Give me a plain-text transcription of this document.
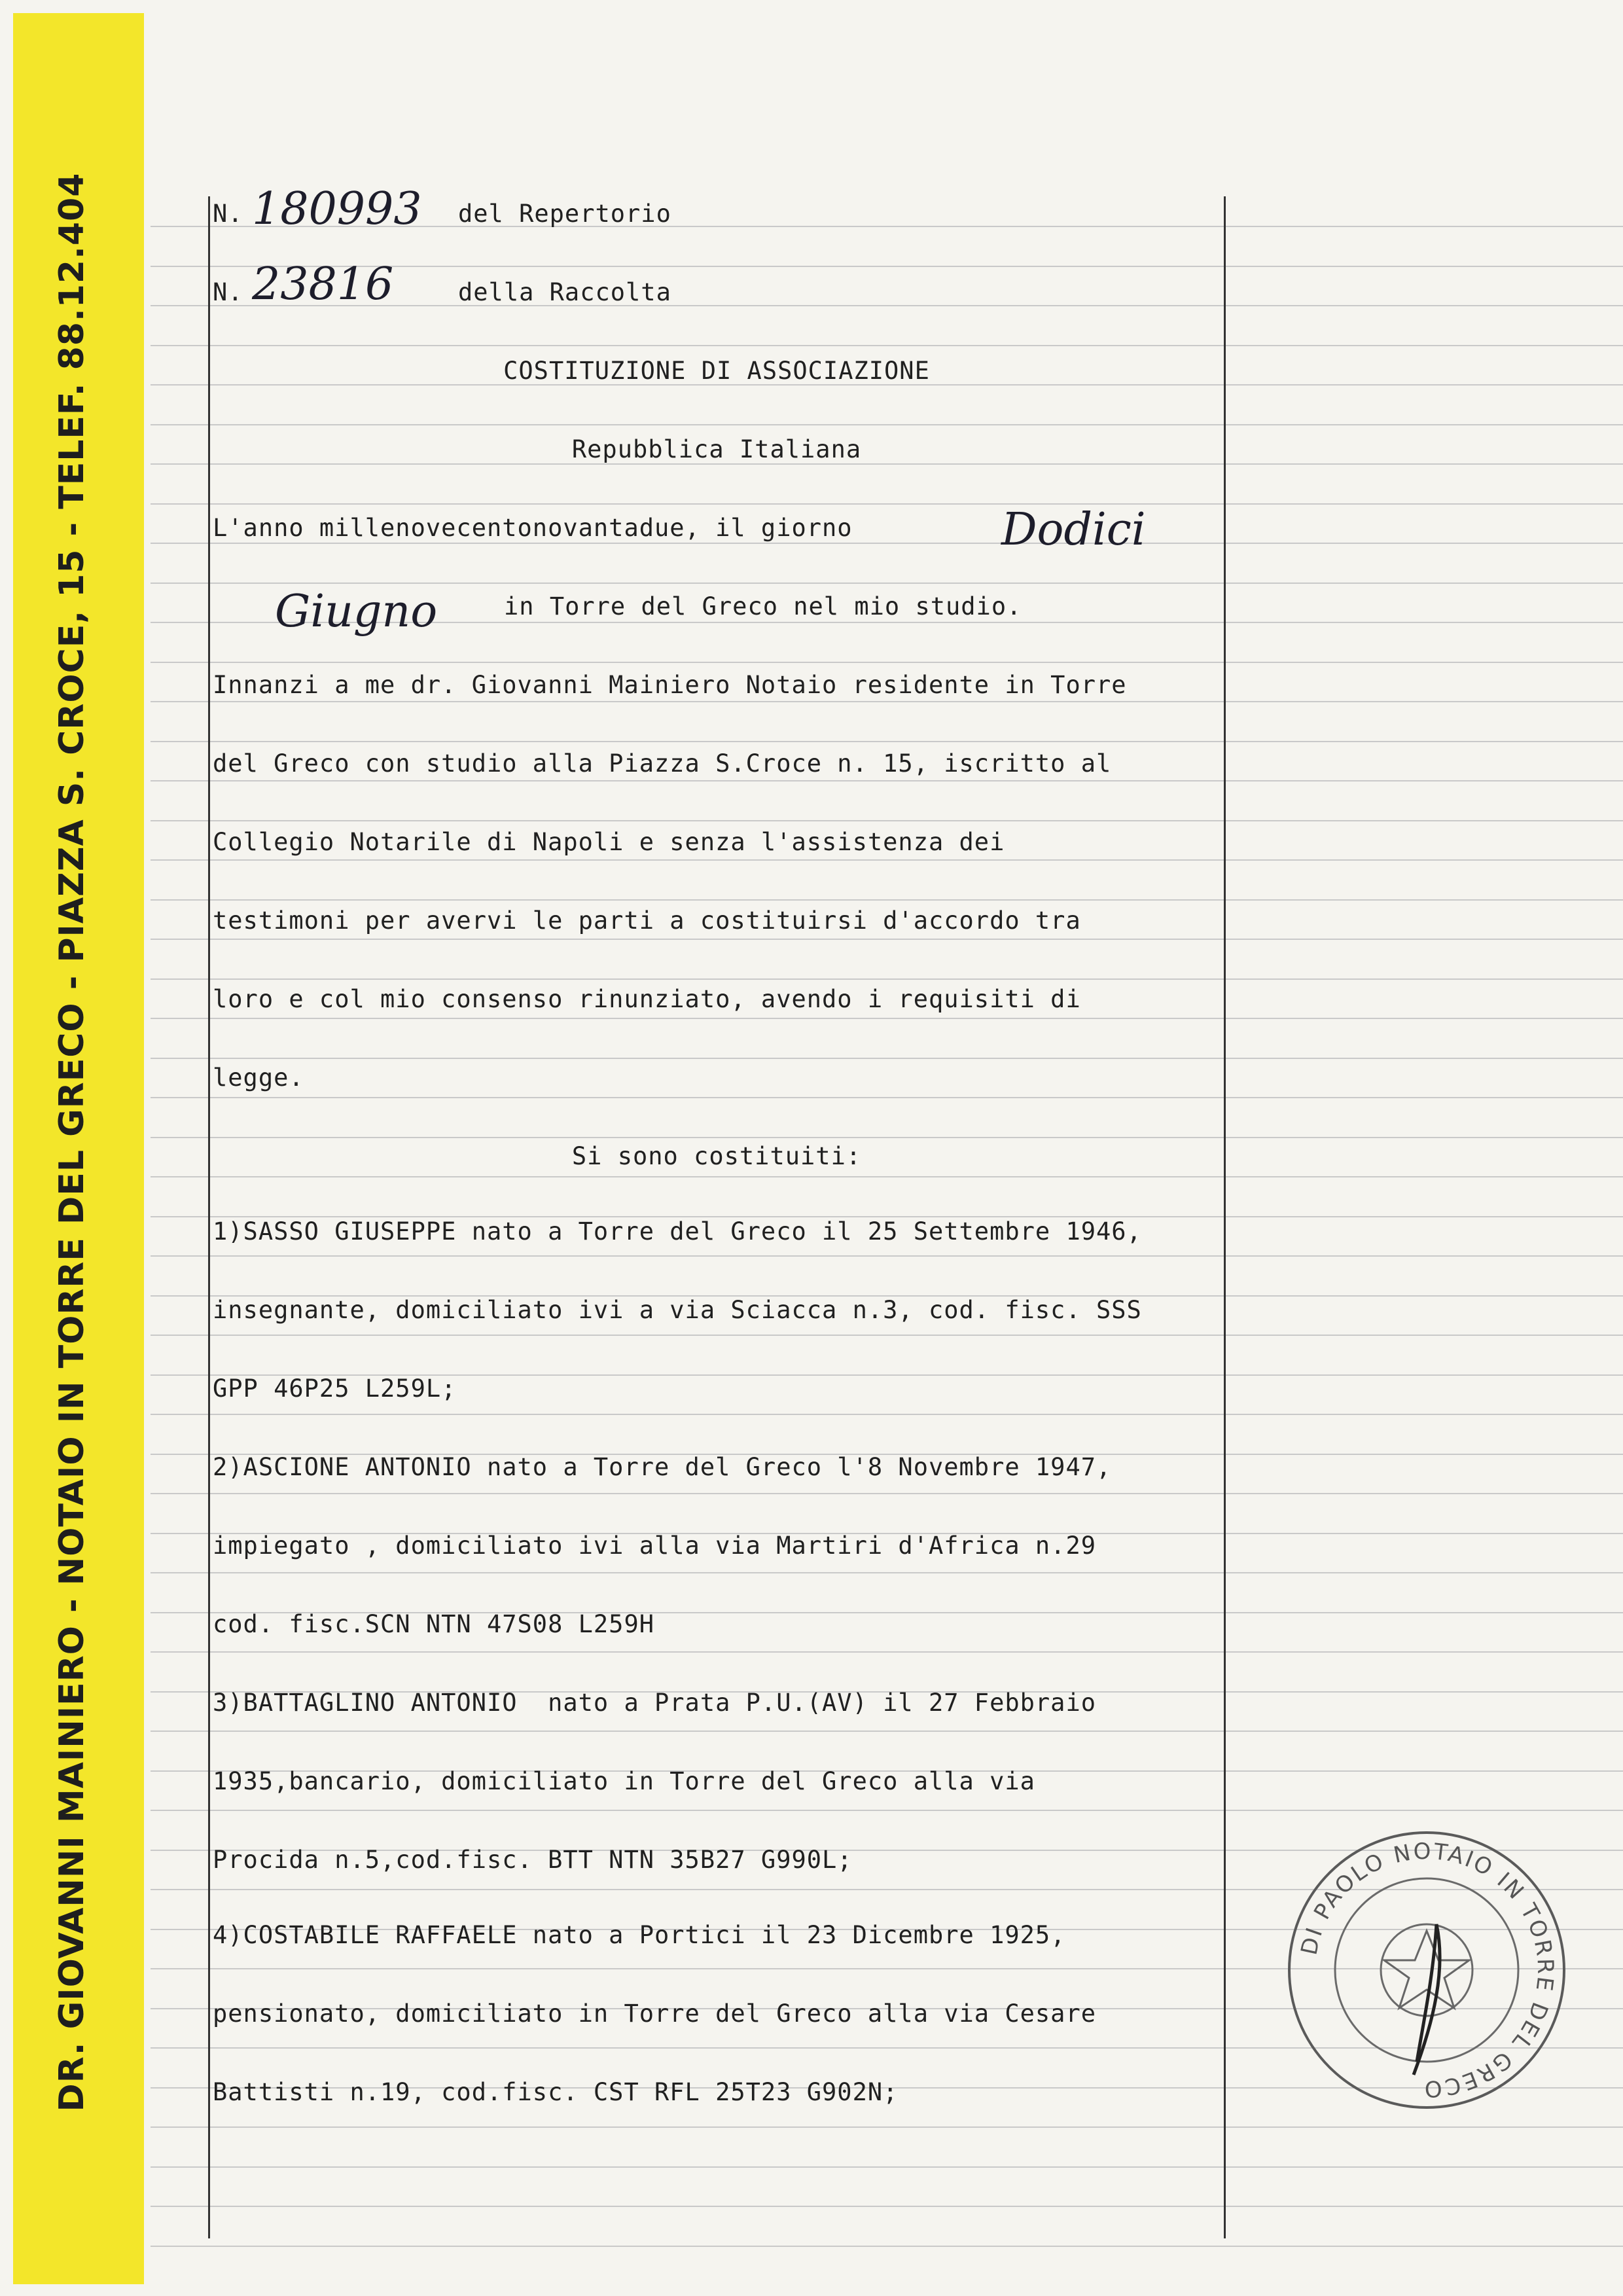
DR. GIOVANNI MAINIERO - NOTAIO IN TORRE DEL GRECO - PIAZZA S. CROCE, 15 - TELEF. 88.12.404	N. 180993 del Repertorio
N. 23816	della Raccolta
COSTITUZIONE DI ASSOCIAZIONE
Repubblica Italiana
L'anno millenovecentonovantadue, il giorno	Dodici
Giugno	in Torre del Greco nel mio studio.
Innanzi a me dr. Giovanni Mainiero Notaio residente in Torre
del Greco con studio alla Piazza S.Croce n. 15, iscritto al
Collegio Notarile di Napoli e senza l'assistenza dei
testimoni per avervi le parti a costituirsi d'accordo tra
loro e col mio consenso rinunziato, avendo i requisiti di
legge.
Si sono costituiti:
1)SASSO GIUSEPPE nato a Torre del Greco il 25 Settembre 1946,
insegnante, domiciliato ivi a via Sciacca n.3, cod. fisc. SSS
GPP 46P25 L259L;
2)ASCIONE ANTONIO nato a Torre del Greco l'8 Novembre 1947,
impiegato , domiciliato ivi alla via Martiri d'Africa n.29
cod. fisc.SCN NTN 47S08 L259H
3)BATTAGLINO ANTONIO  nato a Prata P.U.(AV) il 27 Febbraio
1935,bancario, domiciliato in Torre del Greco alla via
Procida n.5,cod.fisc. BTT NTN 35B27 G990L;
4)COSTABILE RAFFAELE nato a Portici il 23 Dicembre 1925,
pensionato, domiciliato in Torre del Greco alla via Cesare
Battisti n.19, cod.fisc. CST RFL 25T23 G902N;
DI PAOLO NOTAIO IN TORRE DEL GRECO
